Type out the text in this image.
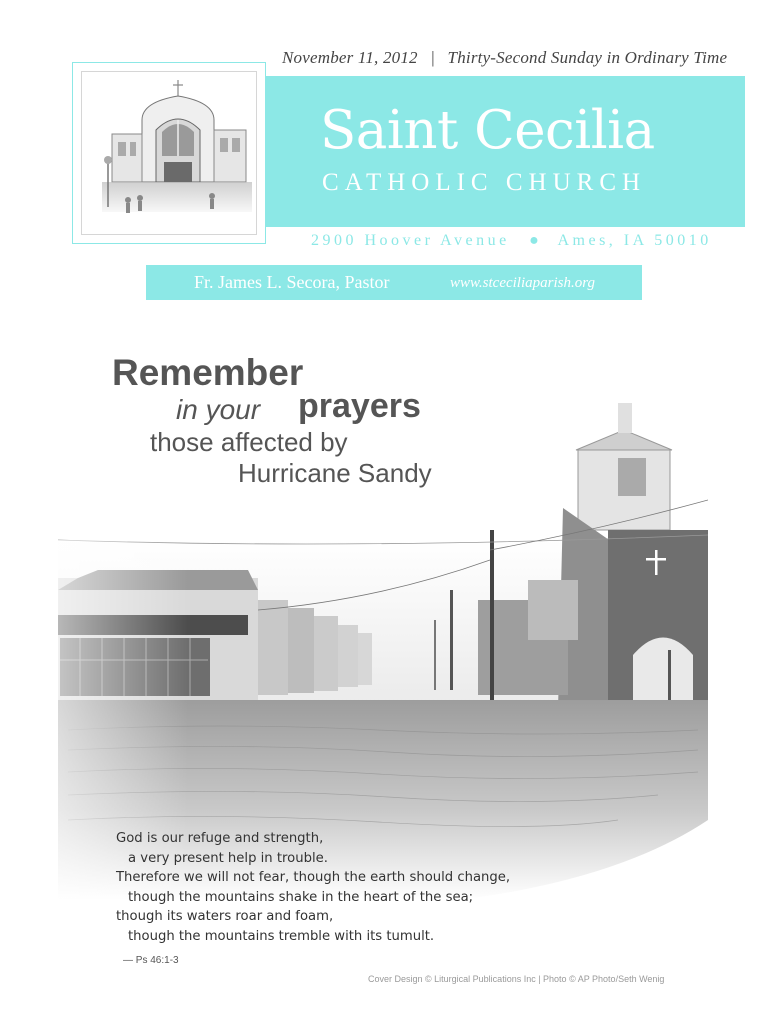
November 11, 2012 | Thirty-Second Sunday in Ordinary Time
Saint Cecilia
CATHOLIC CHURCH
2900 Hoover Avenue ● Ames, IA 50010
Fr. James L. Secora, Pastor	www.stceciliaparish.org
Remember
in your prayers
those affected by
Hurricane Sandy
God is our refuge and strength,
a very present help in trouble.
Therefore we will not fear, though the earth should change,
though the mountains shake in the heart of the sea;
though its waters roar and foam,
though the mountains tremble with its tumult.
— Ps 46:1-3
Cover Design © Liturgical Publications Inc | Photo © AP Photo/Seth Wenig
